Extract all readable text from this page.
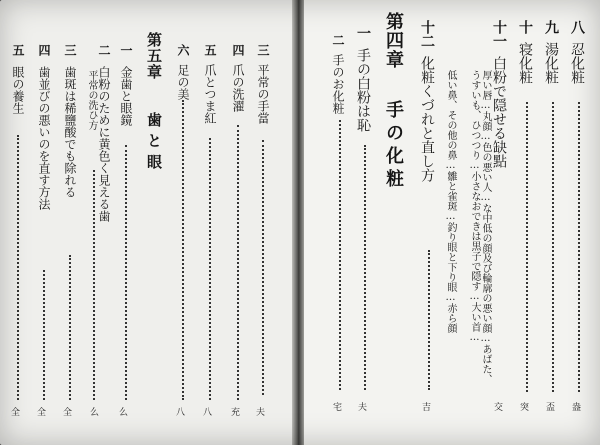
三平常の手當
夫
四爪の洗濯
充
五爪とつま紅
八
六足の美
八
第五章
歯と眼
一金歯と眼鏡
么
二白粉のために黄色く見える歯
平常の洗ひ方
么
三歯斑は稀鹽酸でも除れる
全
四歯並びの悪いのを直す方法
全
五眼の養生
全
八忍化粧
盎
九湯化粧
盃
十寝化粧
突
十一白粉で隠せる缺點
厚い唇…丸顔…色の悪い人…な中低の顔及び輪廓の悪い顔…あばた、うすいも、ひつつり…小さなおできは黒子で隠す…大い首…
低い鼻、その他の鼻…雛と雀斑…釣り眼と下り眼…赤ら顔
交
十二化粧くづれと直し方
吉
第四章
手の化粧
一手の白粉は恥
夫
二手のお化粧
宅
